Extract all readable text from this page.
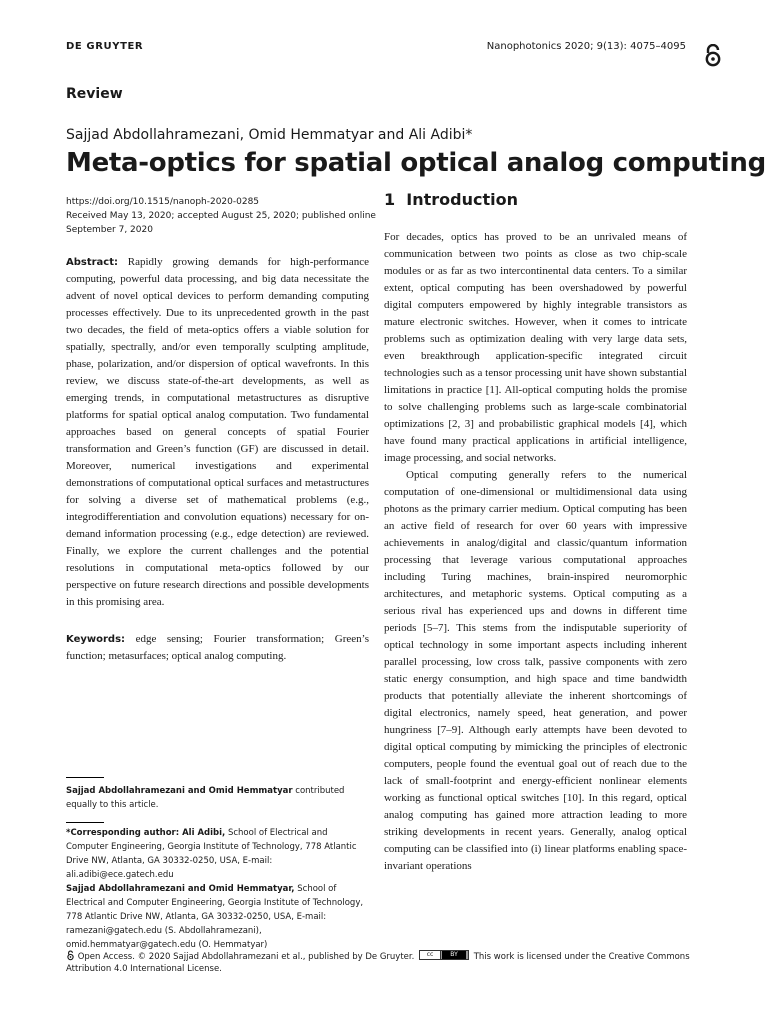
DE GRUYTER	Nanophotonics 2020; 9(13): 4075–4095
Review
Sajjad Abdollahramezani, Omid Hemmatyar and Ali Adibi*
Meta-optics for spatial optical analog computing
https://doi.org/10.1515/nanoph-2020-0285
Received May 13, 2020; accepted August 25, 2020; published online September 7, 2020
Abstract: Rapidly growing demands for high-performance computing, powerful data processing, and big data necessitate the advent of novel optical devices to perform demanding computing processes effectively. Due to its unprecedented growth in the past two decades, the field of meta-optics offers a viable solution for spatially, spectrally, and/or even temporally sculpting amplitude, phase, polarization, and/or dispersion of optical wavefronts. In this review, we discuss state-of-the-art developments, as well as emerging trends, in computational metastructures as disruptive platforms for spatial optical analog computation. Two fundamental approaches based on general concepts of spatial Fourier transformation and Green’s function (GF) are discussed in detail. Moreover, numerical investigations and experimental demonstrations of computational optical surfaces and metastructures for solving a diverse set of mathematical problems (e.g., integrodifferentiation and convolution equations) necessary for on-demand information processing (e.g., edge detection) are reviewed. Finally, we explore the current challenges and the potential resolutions in computational meta-optics followed by our perspective on future research directions and possible developments in this promising area.
Keywords: edge sensing; Fourier transformation; Green’s function; metasurfaces; optical analog computing.
Sajjad Abdollahramezani and Omid Hemmatyar contributed equally to this article.
*Corresponding author: Ali Adibi, School of Electrical and Computer Engineering, Georgia Institute of Technology, 778 Atlantic Drive NW, Atlanta, GA 30332-0250, USA, E-mail: ali.adibi@ece.gatech.edu
Sajjad Abdollahramezani and Omid Hemmatyar, School of Electrical and Computer Engineering, Georgia Institute of Technology, 778 Atlantic Drive NW, Atlanta, GA 30332-0250, USA, E-mail: ramezani@gatech.edu (S. Abdollahramezani), omid.hemmatyar@gatech.edu (O. Hemmatyar)
1 Introduction

For decades, optics has proved to be an unrivaled means of communication between two points as close as two chip-scale modules or as far as two intercontinental data centers. To a similar extent, optical computing has been overshadowed by powerful digital computers empowered by highly integrable transistors as mature electronic switches. However, when it comes to intricate problems such as optimization dealing with very large data sets, even breakthrough application-specific integrated circuit technologies such as a tensor processing unit have shown substantial limitations in practice [1]. All-optical computing holds the promise to solve challenging problems such as large-scale combinatorial optimizations [2, 3] and probabilistic graphical models [4], which have found many practical applications in artificial intelligence, image processing, and social networks.

Optical computing generally refers to the numerical computation of one-dimensional or multidimensional data using photons as the primary carrier medium. Optical computing has been an active field of research for over 60 years with impressive achievements in analog/digital and classic/quantum information processing that leverage various computational approaches including Turing machines, brain-inspired neuromorphic architectures, and metaphoric systems. Optical computing as a serious rival has experienced ups and downs in different time periods [5–7]. This stems from the indisputable superiority of optical technology in some important aspects including inherent parallel processing, low cross talk, passive components with zero static energy consumption, and high space and time bandwidth products that potentially alleviate the inherent shortcomings of digital electronics, namely speed, heat generation, and power hungriness [7–9]. Although early attempts have been devoted to digital optical computing by mimicking the principles of electronic computers, people found the eventual goal out of reach due to the lack of small-footprint and energy-efficient nonlinear elements working as functional optical switches [10]. In this regard, optical analog computing has gained more attraction leading to more striking developments in recent years. Generally, analog optical computing can be classified into (i) linear platforms enabling space-invariant operations

Open Access. © 2020 Sajjad Abdollahramezani et al., published by De Gruyter.	cc	BY	This work is licensed under the Creative Commons Attribution 4.0 International License.
